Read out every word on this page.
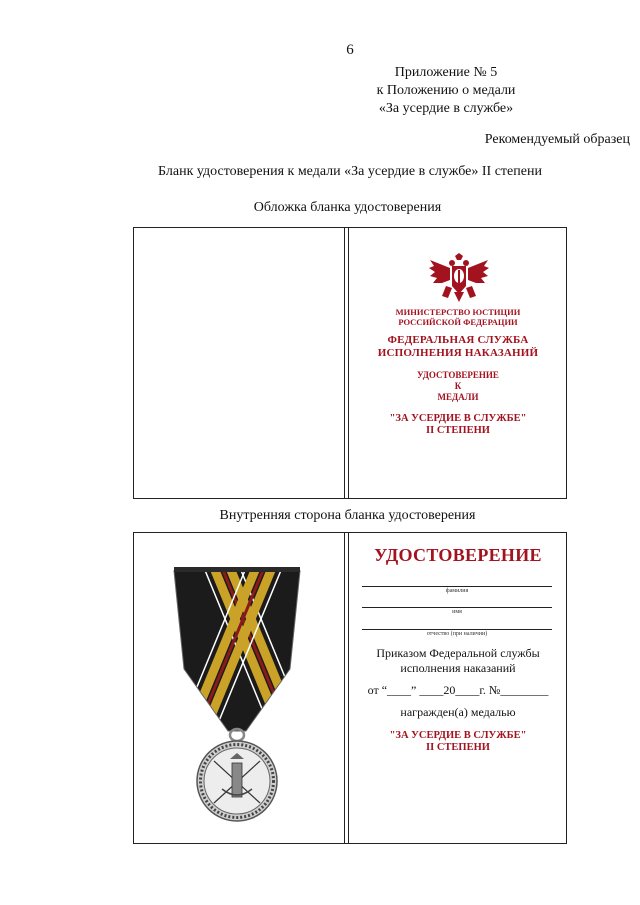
6
Приложение № 5
к Положению о медали
«За усердие в службе»
Рекомендуемый образец
Бланк удостоверения к медали «За усердие в службе» II степени
Обложка бланка удостоверения
МИНИСТЕРСТВО ЮСТИЦИИ
РОССИЙСКОЙ ФЕДЕРАЦИИ
ФЕДЕРАЛЬНАЯ СЛУЖБА
ИСПОЛНЕНИЯ НАКАЗАНИЙ
УДОСТОВЕРЕНИЕ
К
МЕДАЛИ
"ЗА УСЕРДИЕ В СЛУЖБЕ"
II СТЕПЕНИ
Внутренняя сторона бланка удостоверения
УДОСТОВЕРЕНИЕ
фамилия
имя
отчество (при наличии)
Приказом Федеральной службы
исполнения наказаний
от “____” ____20____г. №________
награжден(а) медалью
"ЗА УСЕРДИЕ В СЛУЖБЕ"
II СТЕПЕНИ
